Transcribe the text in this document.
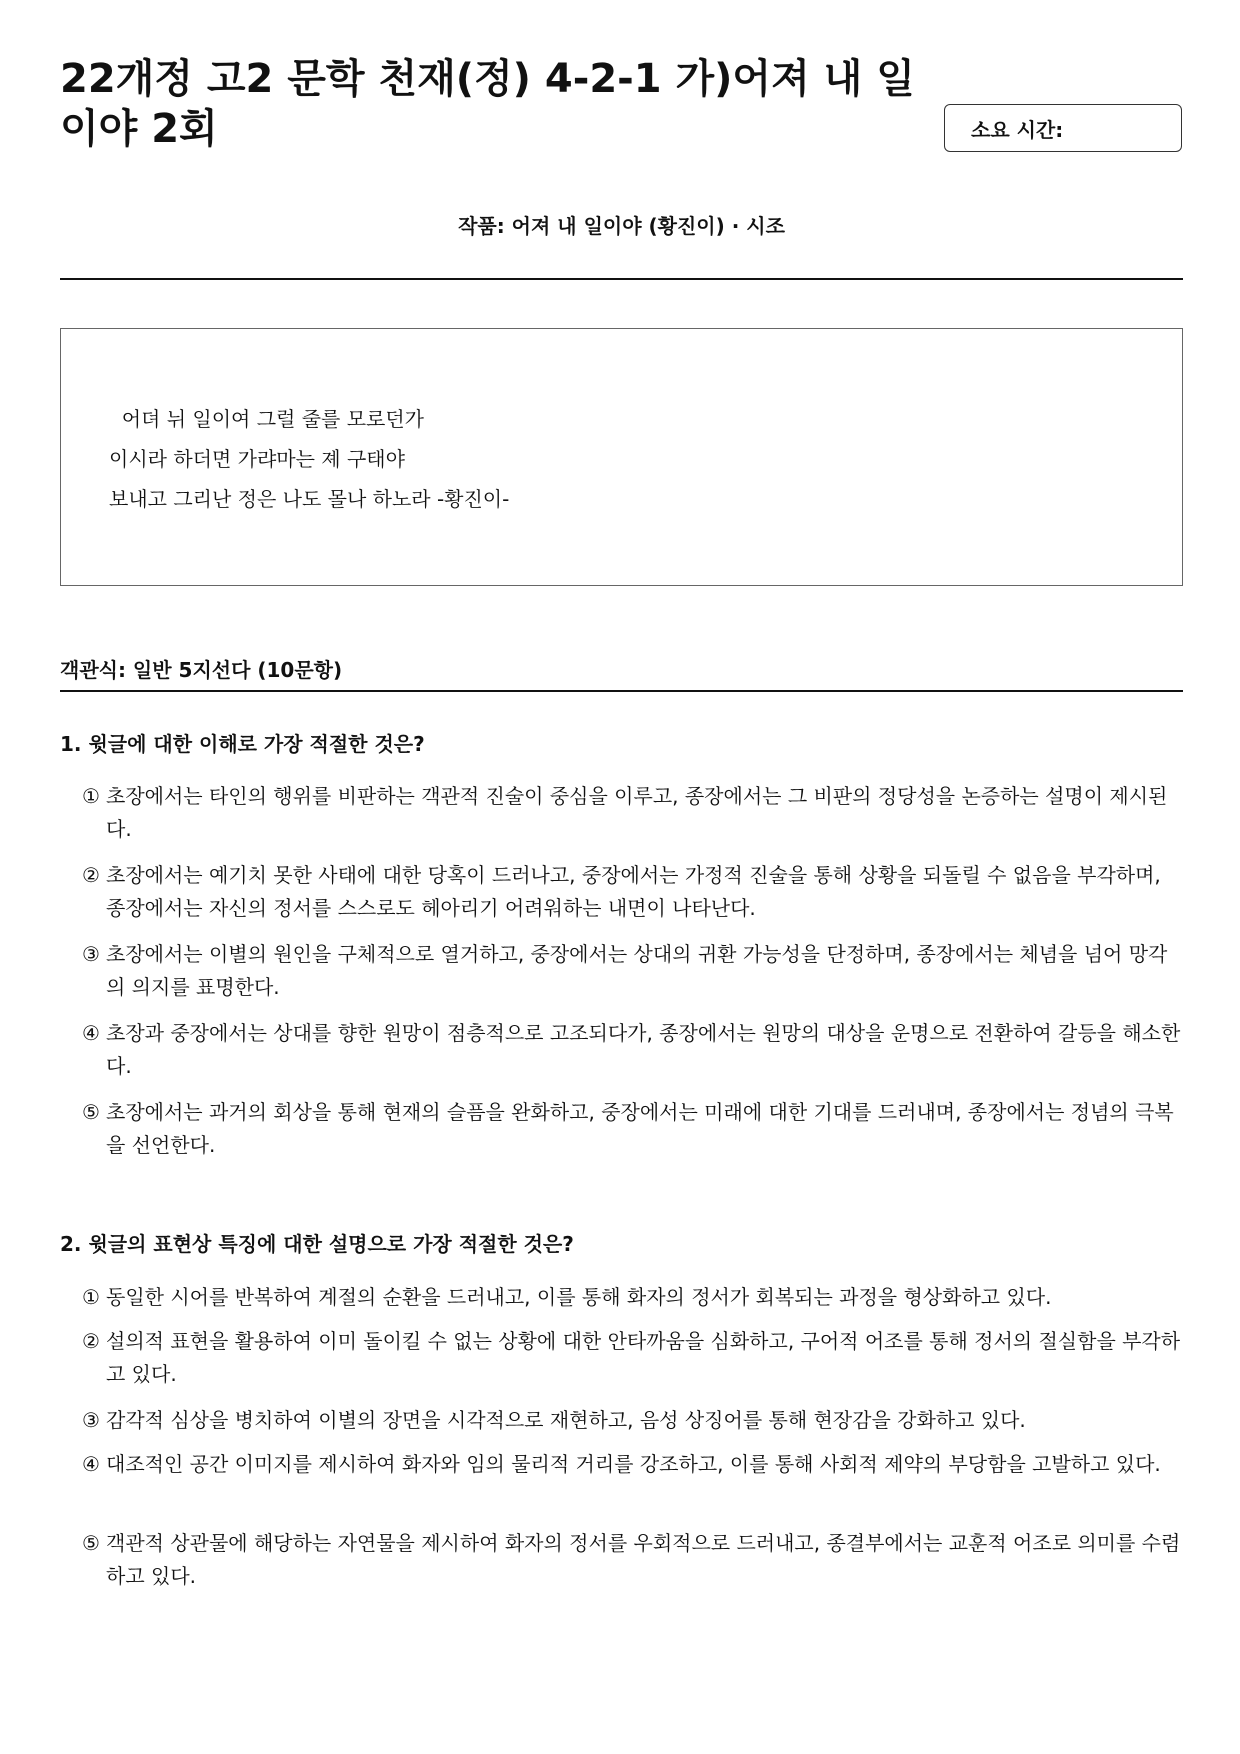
22개정 고2 문학 천재(정) 4-2-1 가)어져 내 일이야 2회	소요 시간:
작품: 어져 내 일이야 (황진이) · 시조
어뎌 뉘 일이여 그럴 줄를 모로던가
이시라 하더면 가랴마는 졔 구태야
보내고 그리난 정은 나도 몰나 하노라 -황진이-
객관식: 일반 5지선다 (10문항)
1. 윗글에 대한 이해로 가장 적절한 것은?
① 초장에서는 타인의 행위를 비판하는 객관적 진술이 중심을 이루고, 종장에서는 그 비판의 정당성을 논증하는 설명이 제시된다.
② 초장에서는 예기치 못한 사태에 대한 당혹이 드러나고, 중장에서는 가정적 진술을 통해 상황을 되돌릴 수 없음을 부각하며, 종장에서는 자신의 정서를 스스로도 헤아리기 어려워하는 내면이 나타난다.
③ 초장에서는 이별의 원인을 구체적으로 열거하고, 중장에서는 상대의 귀환 가능성을 단정하며, 종장에서는 체념을 넘어 망각의 의지를 표명한다.
④ 초장과 중장에서는 상대를 향한 원망이 점층적으로 고조되다가, 종장에서는 원망의 대상을 운명으로 전환하여 갈등을 해소한다.
⑤ 초장에서는 과거의 회상을 통해 현재의 슬픔을 완화하고, 중장에서는 미래에 대한 기대를 드러내며, 종장에서는 정념의 극복을 선언한다.
2. 윗글의 표현상 특징에 대한 설명으로 가장 적절한 것은?
① 동일한 시어를 반복하여 계절의 순환을 드러내고, 이를 통해 화자의 정서가 회복되는 과정을 형상화하고 있다.
② 설의적 표현을 활용하여 이미 돌이킬 수 없는 상황에 대한 안타까움을 심화하고, 구어적 어조를 통해 정서의 절실함을 부각하고 있다.
③ 감각적 심상을 병치하여 이별의 장면을 시각적으로 재현하고, 음성 상징어를 통해 현장감을 강화하고 있다.
④ 대조적인 공간 이미지를 제시하여 화자와 임의 물리적 거리를 강조하고, 이를 통해 사회적 제약의 부당함을 고발하고 있다.
⑤ 객관적 상관물에 해당하는 자연물을 제시하여 화자의 정서를 우회적으로 드러내고, 종결부에서는 교훈적 어조로 의미를 수렴하고 있다.
